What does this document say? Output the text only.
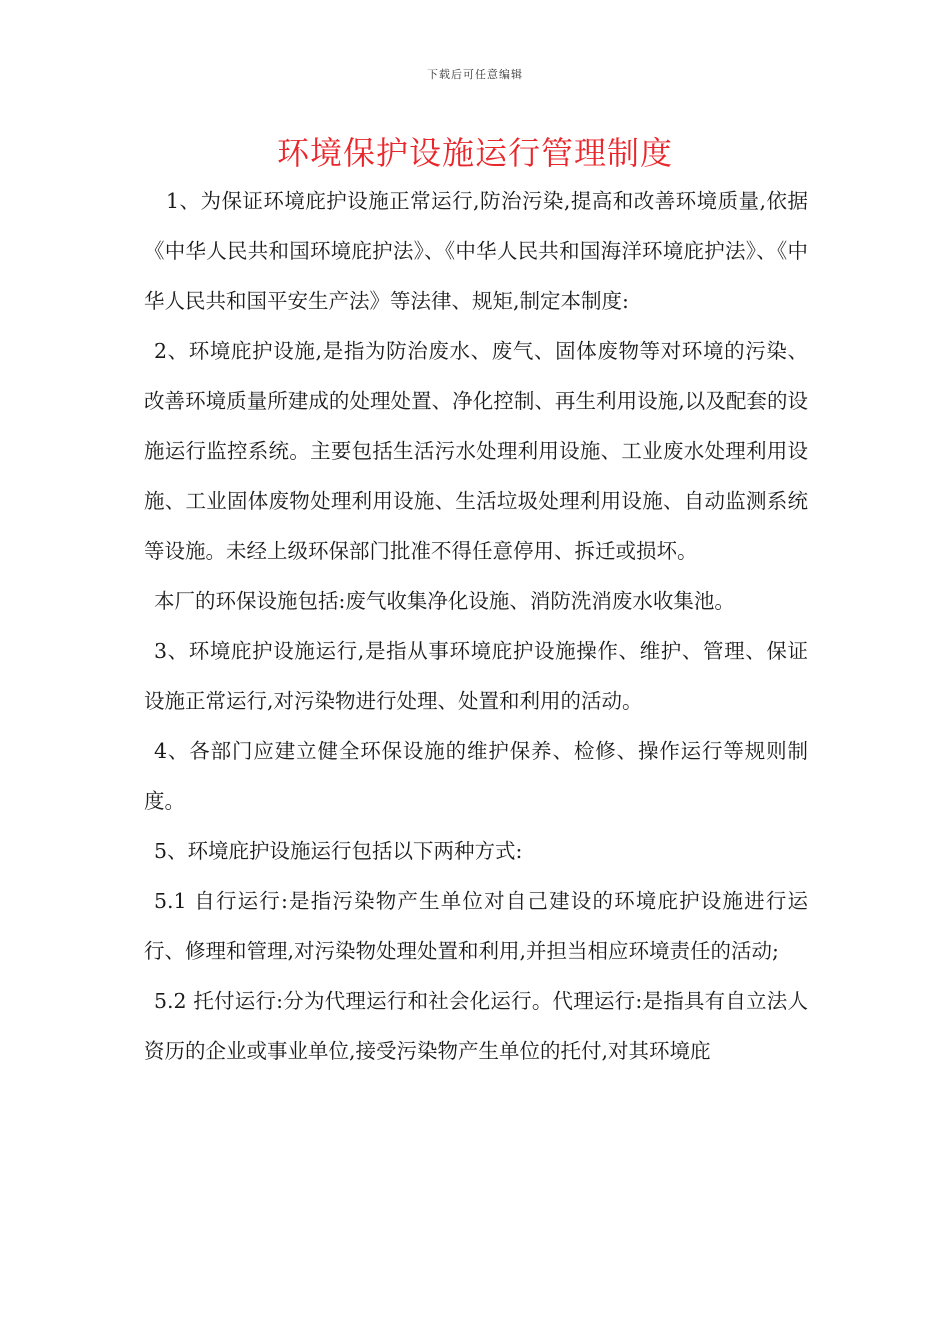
下载后可任意编辑
环境保护设施运行管理制度

1、为保证环境庇护设施正常运行,防治污染,提高和改善环境质量,依据《中华人民共和国环境庇护法》、《中华人民共和国海洋环境庇护法》、《中华人民共和国平安生产法》等法律、规矩,制定本制度:

2、环境庇护设施,是指为防治废水、废气、固体废物等对环境的污染、改善环境质量所建成的处理处置、净化控制、再生利用设施,以及配套的设施运行监控系统。主要包括生活污水处理利用设施、工业废水处理利用设施、工业固体废物处理利用设施、生活垃圾处理利用设施、自动监测系统等设施。未经上级环保部门批准不得任意停用、拆迁或损坏。

本厂的环保设施包括:废气收集净化设施、消防洗消废水收集池。

3、环境庇护设施运行,是指从事环境庇护设施操作、维护、管理、保证设施正常运行,对污染物进行处理、处置和利用的活动。

4、各部门应建立健全环保设施的维护保养、检修、操作运行等规则制度。

5、环境庇护设施运行包括以下两种方式:

5.1 自行运行:是指污染物产生单位对自己建设的环境庇护设施进行运行、修理和管理,对污染物处理处置和利用,并担当相应环境责任的活动;

5.2 托付运行:分为代理运行和社会化运行。代理运行:是指具有自立法人资历的企业或事业单位,接受污染物产生单位的托付,对其环境庇
